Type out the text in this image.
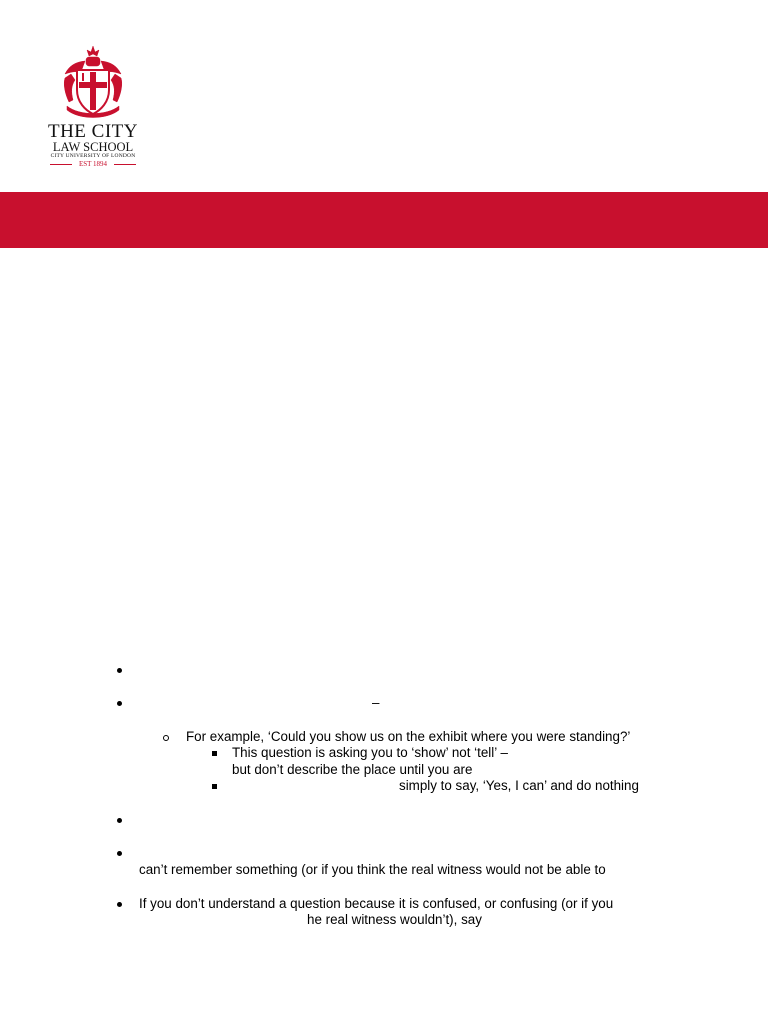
THE CITY
LAW SCHOOL
CITY UNIVERSITY OF LONDON
EST 1894
–
For example, ‘Could you show us on the exhibit where you were standing?’
This question is asking you to ‘show’ not ‘tell’ –
but don’t describe the place until you are
simply to say, ‘Yes, I can’ and do nothing
can’t remember something (or if you think the real witness would not be able to
If you don’t understand a question because it is confused, or confusing (or if you
he real witness wouldn’t), say
